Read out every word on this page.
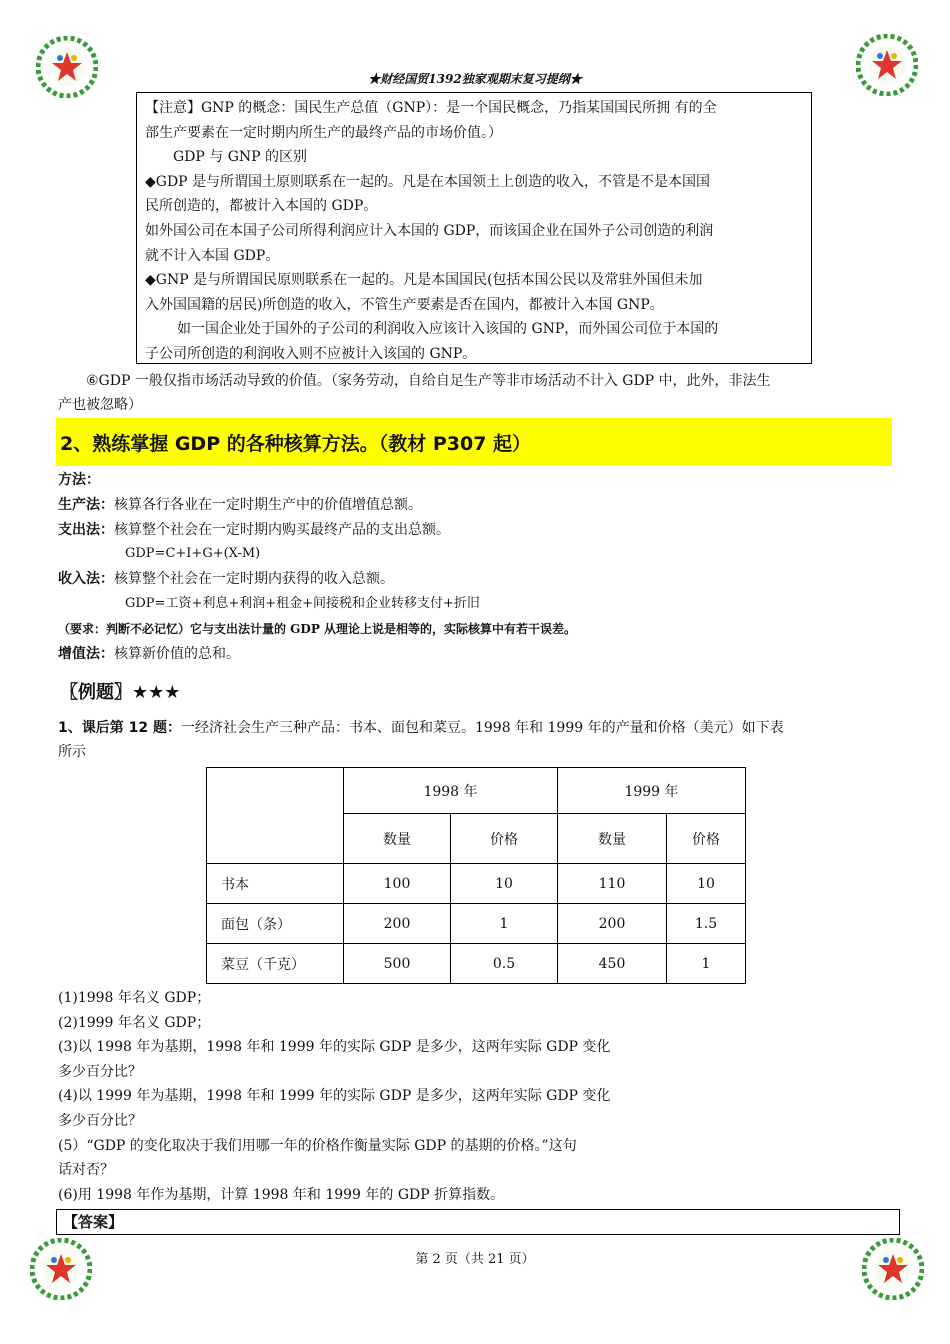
★财经国贸1392独家观期末复习提纲★

【注意】GNP 的概念：国民生产总值（GNP）：是一个国民概念，乃指某国国民所拥 有的全

部生产要素在一定时期内所生产的最终产品的市场价值。）

GDP 与 GNP 的区别

◆GDP 是与所谓国土原则联系在一起的。凡是在本国领土上创造的收入，不管是不是本国国

民所创造的，都被计入本国的 GDP。

如外国公司在本国子公司所得利润应计入本国的 GDP，而该国企业在国外子公司创造的利润

就不计入本国 GDP。

◆GNP 是与所谓国民原则联系在一起的。凡是本国国民(包括本国公民以及常驻外国但未加

入外国国籍的居民)所创造的收入，不管生产要素是否在国内，都被计入本国 GNP。

如一国企业处于国外的子公司的利润收入应该计入该国的 GNP，而外国公司位于本国的

子公司所创造的利润收入则不应被计入该国的 GNP。

⑥GDP 一般仅指市场活动导致的价值。（家务劳动，自给自足生产等非市场活动不计入 GDP 中，此外，非法生
产也被忽略）
2、熟练掌握 GDP 的各种核算方法。（教材 P307 起）

方法：

生产法：核算各行各业在一定时期生产中的价值增值总额。

支出法：核算整个社会在一定时期内购买最终产品的支出总额。

GDP=C+I+G+(X-M)

收入法：核算整个社会在一定时期内获得的收入总额。

GDP=工资+利息+利润+租金+间接税和企业转移支付+折旧

（要求：判断不必记忆）它与支出法计量的 GDP 从理论上说是相等的，实际核算中有若干误差。

增值法：核算新价值的总和。

〖例题〗★★★
1、课后第 12 题：一经济社会生产三种产品：书本、面包和菜豆。1998 年和 1999 年的产量和价格（美元）如下表
所示
	1998 年		1999 年	
	数量	价格	数量	价格
书本	100	10	110	10
面包（条）	200	1	200	1.5
菜豆（千克）	500	0.5	450	1

(1)1998 年名义 GDP；

(2)1999 年名义 GDP；

(3)以 1998 年为基期，1998 年和 1999 年的实际 GDP 是多少，这两年实际 GDP 变化

多少百分比？

(4)以 1999 年为基期，1998 年和 1999 年的实际 GDP 是多少，这两年实际 GDP 变化

多少百分比？

(5）“GDP 的变化取决于我们用哪一年的价格作衡量实际 GDP 的基期的价格。”这句

话对否？

(6)用 1998 年作为基期，计算 1998 年和 1999 年的 GDP 折算指数。

【答案】
第 2 页（共 21 页）
